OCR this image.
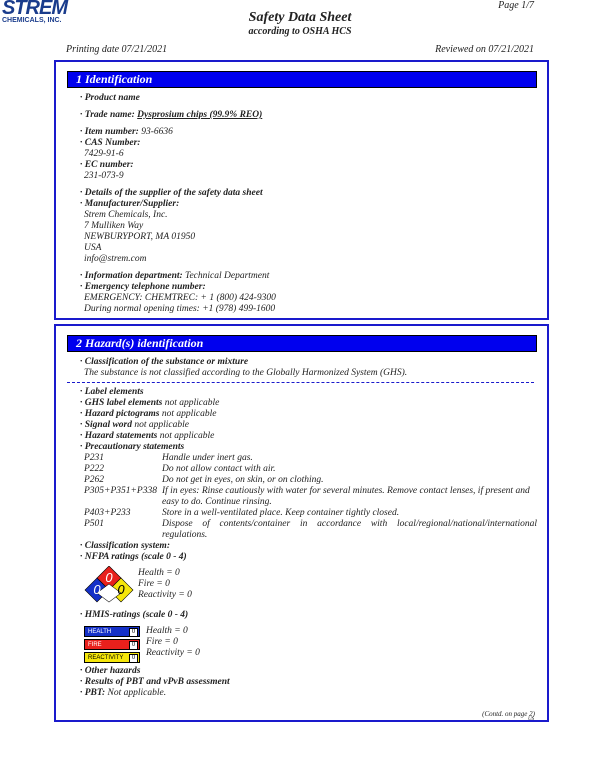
STREM
CHEMICALS, INC.	Safety Data Sheet
according to OSHA HCS
Page 1/7
Printing date 07/21/2021	Reviewed on 07/21/2021
1 Identification
· Product name
· Trade name: Dysprosium chips (99.9% REO)
· Item number: 93-6636
· CAS Number:
7429-91-6
· EC number:
231-073-9
· Details of the supplier of the safety data sheet
· Manufacturer/Supplier:
Strem Chemicals, Inc.
7 Mulliken Way
NEWBURYPORT, MA 01950
USA
info@strem.com
· Information department: Technical Department
· Emergency telephone number:
EMERGENCY: CHEMTREC: + 1 (800) 424-9300
During normal opening times: +1 (978) 499-1600
2 Hazard(s) identification
· Classification of the substance or mixture
The substance is not classified according to the Globally Harmonized System (GHS).
· Label elements
· GHS label elements not applicable
· Hazard pictograms not applicable
· Signal word not applicable
· Hazard statements not applicable
· Precautionary statements
P231	Handle under inert gas.
P222	Do not allow contact with air.
P262	Do not get in eyes, on skin, or on clothing.
P305+P351+P338 If in eyes: Rinse cautiously with water for several minutes. Remove contact lenses, if present and easy to do. Continue rinsing.
P403+P233	Store in a well-ventilated place. Keep container tightly closed.
P501	Dispose of contents/container in accordance with local/regional/national/international regulations.
· Classification system:
· NFPA ratings (scale 0 - 4)
0
0 0
Health = 0
Fire = 0
Reactivity = 0
· HMIS-ratings (scale 0 - 4)
HEALTH	0
FIRE	0
REACTIVITY	0
Health = 0
Fire = 0
Reactivity = 0
· Other hazards
· Results of PBT and vPvB assessment
· PBT: Not applicable.
(Contd. on page 2)
US
